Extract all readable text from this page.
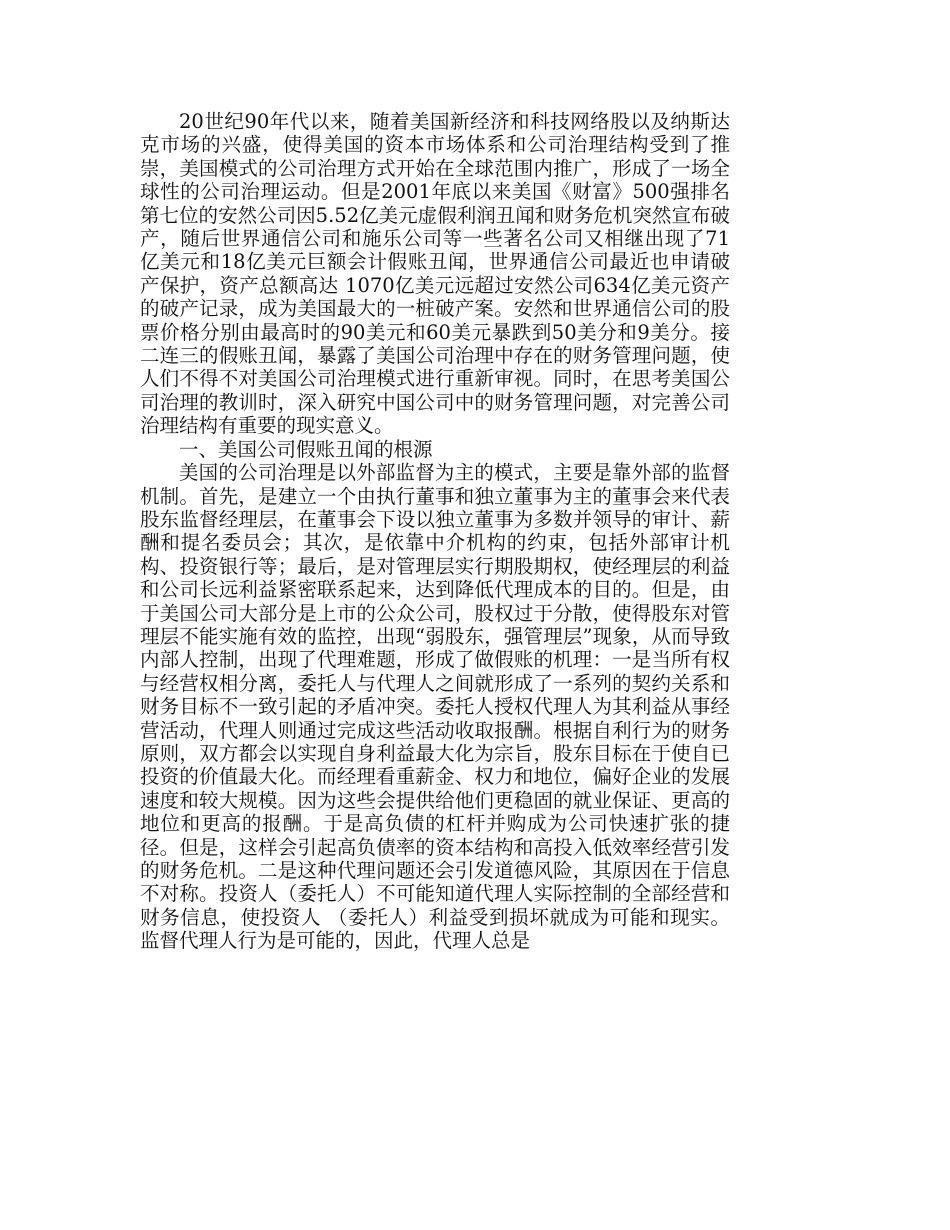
20世纪90年代以来，随着美国新经济和科技网络股以及纳斯达克市场的兴盛，使得美国的资本市场体系和公司治理结构受到了推崇，美国模式的公司治理方式开始在全球范围内推广，形成了一场全球性的公司治理运动。但是2001年底以来美国《财富》500强排名第七位的安然公司因5.52亿美元虚假利润丑闻和财务危机突然宣布破产，随后世界通信公司和施乐公司等一些著名公司又相继出现了71亿美元和18亿美元巨额会计假账丑闻，世界通信公司最近也申请破产保护，资产总额高达 1070亿美元远超过安然公司634亿美元资产的破产记录，成为美国最大的一桩破产案。安然和世界通信公司的股票价格分别由最高时的90美元和60美元暴跌到50美分和9美分。接二连三的假账丑闻，暴露了美国公司治理中存在的财务管理问题，使人们不得不对美国公司治理模式进行重新审视。同时，在思考美国公司治理的教训时，深入研究中国公司中的财务管理问题，对完善公司治理结构有重要的现实意义。

一、美国公司假账丑闻的根源

美国的公司治理是以外部监督为主的模式，主要是靠外部的监督机制。首先，是建立一个由执行董事和独立董事为主的董事会来代表股东监督经理层，在董事会下设以独立董事为多数并领导的审计、薪酬和提名委员会；其次，是依靠中介机构的约束，包括外部审计机构、投资银行等；最后，是对管理层实行期股期权，使经理层的利益和公司长远利益紧密联系起来，达到降低代理成本的目的。但是，由于美国公司大部分是上市的公众公司，股权过于分散，使得股东对管理层不能实施有效的监控，出现“弱股东，强管理层”现象，从而导致内部人控制，出现了代理难题，形成了做假账的机理：一是当所有权与经营权相分离，委托人与代理人之间就形成了一系列的契约关系和财务目标不一致引起的矛盾冲突。委托人授权代理人为其利益从事经营活动，代理人则通过完成这些活动收取报酬。根据自利行为的财务原则，双方都会以实现自身利益最大化为宗旨，股东目标在于使自已投资的价值最大化。而经理看重薪金、权力和地位，偏好企业的发展速度和较大规模。因为这些会提供给他们更稳固的就业保证、更高的地位和更高的报酬。于是高负债的杠杆并购成为公司快速扩张的捷径。但是，这样会引起高负债率的资本结构和高投入低效率经营引发的财务危机。二是这种代理问题还会引发道德风险，其原因在于信息不对称。投资人（委托人）不可能知道代理人实际控制的全部经营和财务信息，使投资人 （委托人）利益受到损坏就成为可能和现实。监督代理人行为是可能的，因此，代理人总是
